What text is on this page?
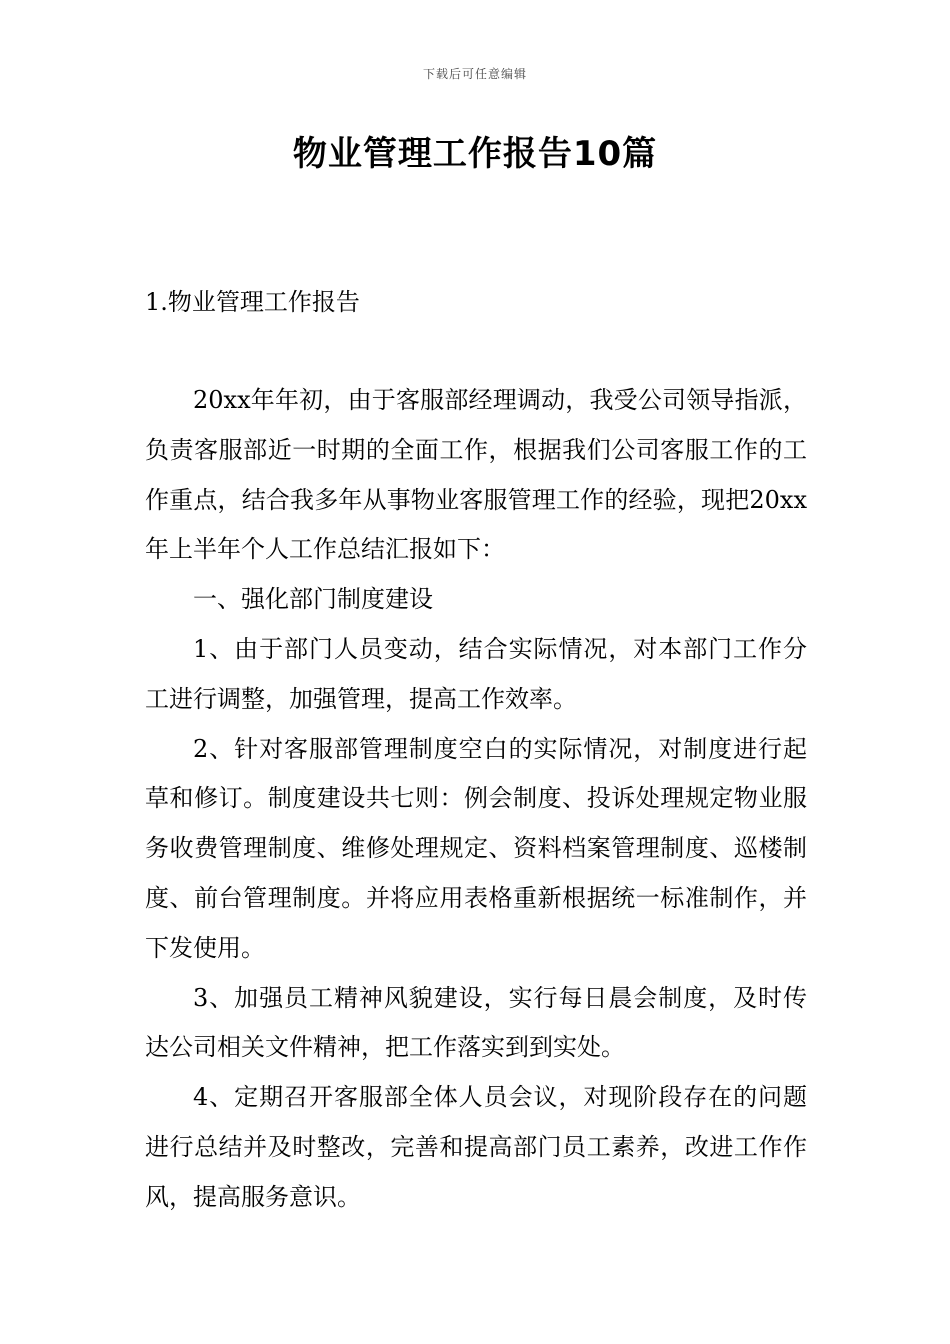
下载后可任意编辑
物业管理工作报告10篇
1.物业管理工作报告

20xx年年初，由于客服部经理调动，我受公司领导指派，负责客服部近一时期的全面工作，根据我们公司客服工作的工作重点，结合我多年从事物业客服管理工作的经验，现把20xx年上半年个人工作总结汇报如下：

一、强化部门制度建设

1、由于部门人员变动，结合实际情况，对本部门工作分工进行调整，加强管理，提高工作效率。

2、针对客服部管理制度空白的实际情况，对制度进行起草和修订。制度建设共七则：例会制度、投诉处理规定物业服务收费管理制度、维修处理规定、资料档案管理制度、巡楼制度、前台管理制度。并将应用表格重新根据统一标准制作，并下发使用。

3、加强员工精神风貌建设，实行每日晨会制度，及时传达公司相关文件精神，把工作落实到到实处。

4、定期召开客服部全体人员会议，对现阶段存在的问题进行总结并及时整改，完善和提高部门员工素养，改进工作作风，提高服务意识。
